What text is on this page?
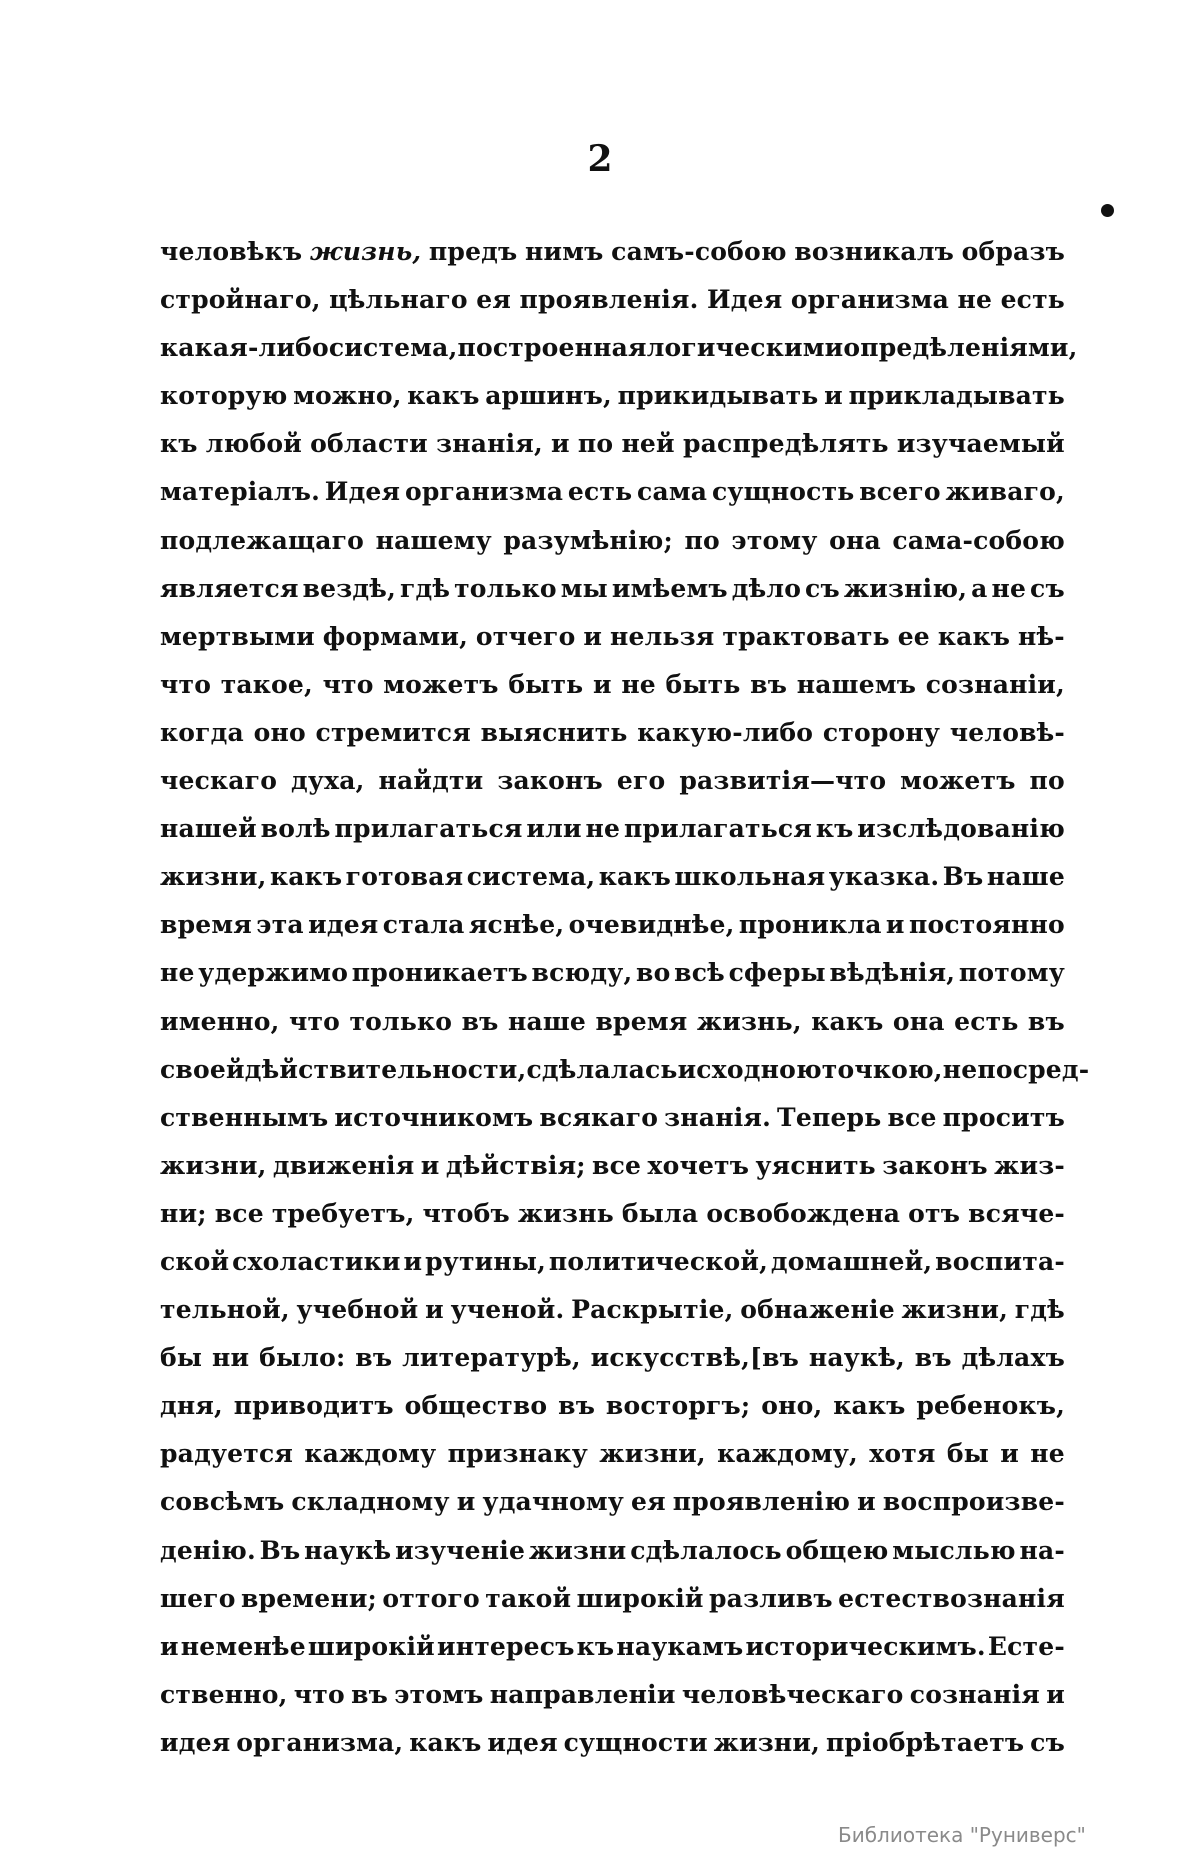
2
человѣкъ жизнь, предъ нимъ самъ-собою возникалъ образъ
стройнаго, цѣльнаго ея проявленія. Идея организма не есть
какая-либо система, построенная логическими опредѣленіями,
которую можно, какъ аршинъ, прикидывать и прикладывать
къ любой области знанія, и по ней распредѣлять изучаемый
матеріалъ. Идея организма есть сама сущность всего живаго,
подлежащаго нашему разумѣнію; по этому она сама-собою
является вездѣ, гдѣ только мы имѣемъ дѣло съ жизнію, а не съ
мертвыми формами, отчего и нельзя трактовать ее какъ нѣ-
что такое, что можетъ быть и не быть въ нашемъ сознаніи,
когда оно стремится выяснить какую-либо сторону человѣ-
ческаго духа, найдти законъ его развитія—что можетъ по
нашей волѣ прилагаться или не прилагаться къ изслѣдованію
жизни, какъ готовая система, какъ школьная указка. Въ наше
время эта идея стала яснѣе, очевиднѣе, проникла и постоянно
не удержимо проникаетъ всюду, во всѣ сферы вѣдѣнія, потому
именно, что только въ наше время жизнь, какъ она есть въ
своей дѣйствительности, сдѣлалась исходною точкою, непосред-
ственнымъ источникомъ всякаго знанія. Теперь все проситъ
жизни, движенія и дѣйствія; все хочетъ уяснить законъ жиз-
ни; все требуетъ, чтобъ жизнь была освобождена отъ всяче-
ской схоластики и рутины, политической, домашней, воспита-
тельной, учебной и ученой. Раскрытіе, обнаженіе жизни, гдѣ
бы ни было: въ литературѣ, искусствѣ,[въ наукѣ, въ дѣлахъ
дня, приводитъ общество въ восторгъ; оно, какъ ребенокъ,
радуется каждому признаку жизни, каждому, хотя бы и не
совсѣмъ складному и удачному ея проявленію и воспроизве-
денію. Въ наукѣ изученіе жизни сдѣлалось общею мыслью на-
шего времени; оттого такой широкій разливъ естествознанія
и неменѣе широкій интересъ къ наукамъ историческимъ. Есте-
ственно, что въ этомъ направленіи человѣческаго сознанія и
идея организма, какъ идея сущности жизни, пріобрѣтаетъ съ
Библиотека "Руниверс"
